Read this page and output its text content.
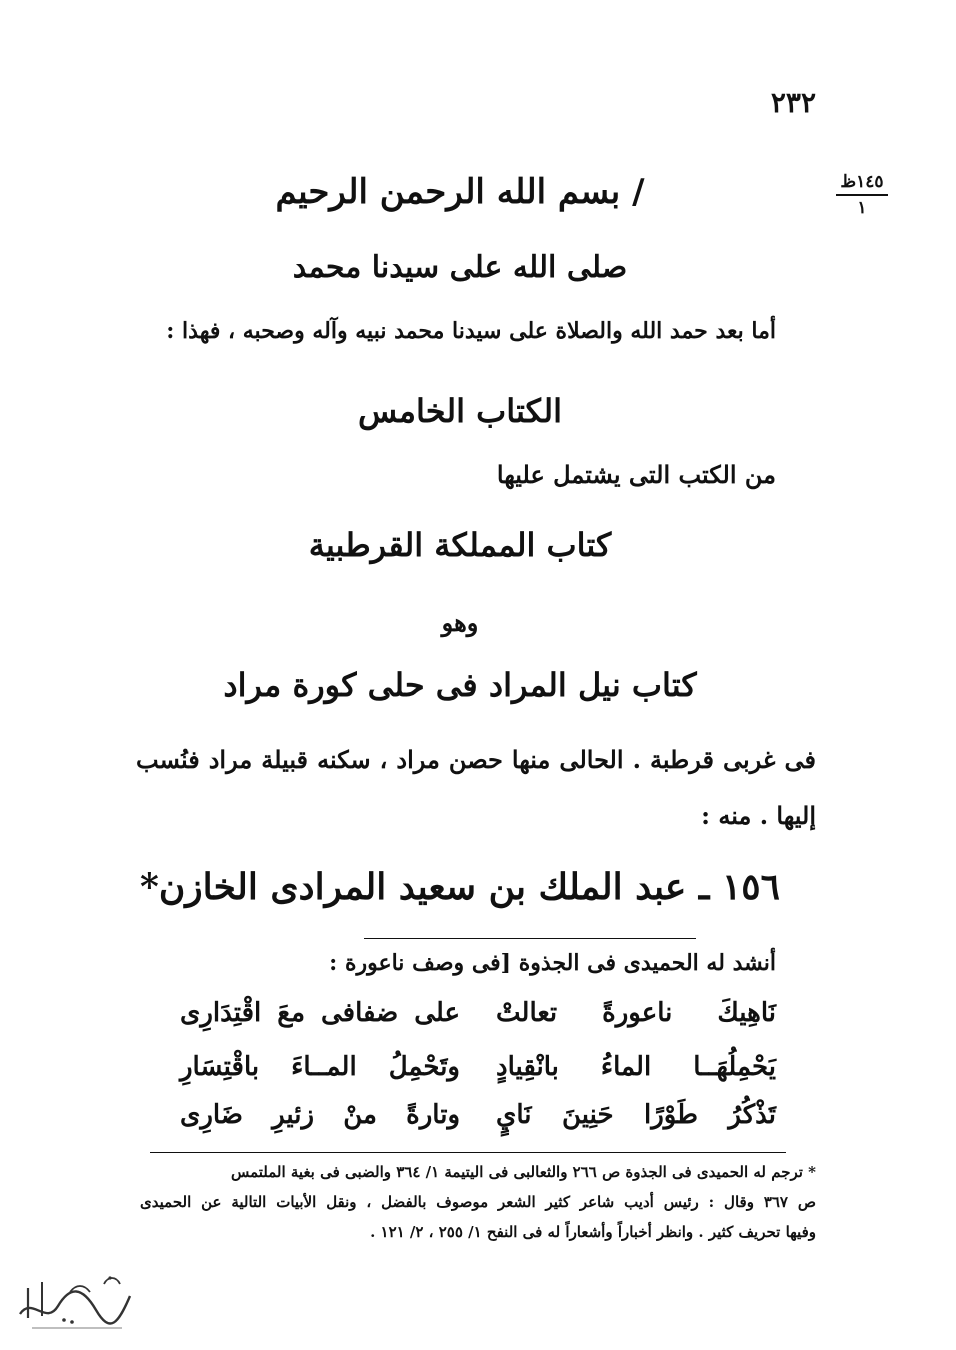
٢٣٢
١٤٥ظ
١
/ بسم الله الرحمن الرحيم
صلى الله على سيدنا محمد
أما بعد حمد الله والصلاة على سيدنا محمد نبيه وآله وصحبه ، فهذا :
الكتاب الخامس
من الكتب التى يشتمل عليها
كتاب المملكة القرطبية
وهو
كتاب نيل المراد فى حلى كورة مراد
فى غربى قرطبة . الحالى منها حصن مراد ، سكنه قبيلة مراد فنُسب
إليها . منه :
١٥٦ ـ عبد الملك بن سعيد المرادى الخازن*
أنشد له الحميدى فى الجذوة [فى وصف ناعورة :
نَاهِيكَ ناعورةً تعالتْ
على ضفافى معَ اقْتِدَارِى
يَحْمِلُهَــا الماءُ بانْقِيادٍ
وتَحْمِلُ المــاءَ باقْتِسَارِ
تَذْكُرُ طَوْرًا حَنِينَ نَايٍ
وتارةً منْ زئيرِ ضَارِى
* ترجم له الحميدى فى الجذوة ص ٢٦٦ والثعالبى فى اليتيمة ١/ ٣٦٤ والضبى فى بغية الملتمس
ص ٣٦٧ وقال : رئيس أديب شاعر كثير الشعر موصوف بالفضل ، ونقل الأبيات التالية عن الحميدى
وفيها تحريف كثير . وانظر أخباراً وأشعاراً له فى النفح ١/ ٢٥٥ ، ٢/ ١٢١ .
